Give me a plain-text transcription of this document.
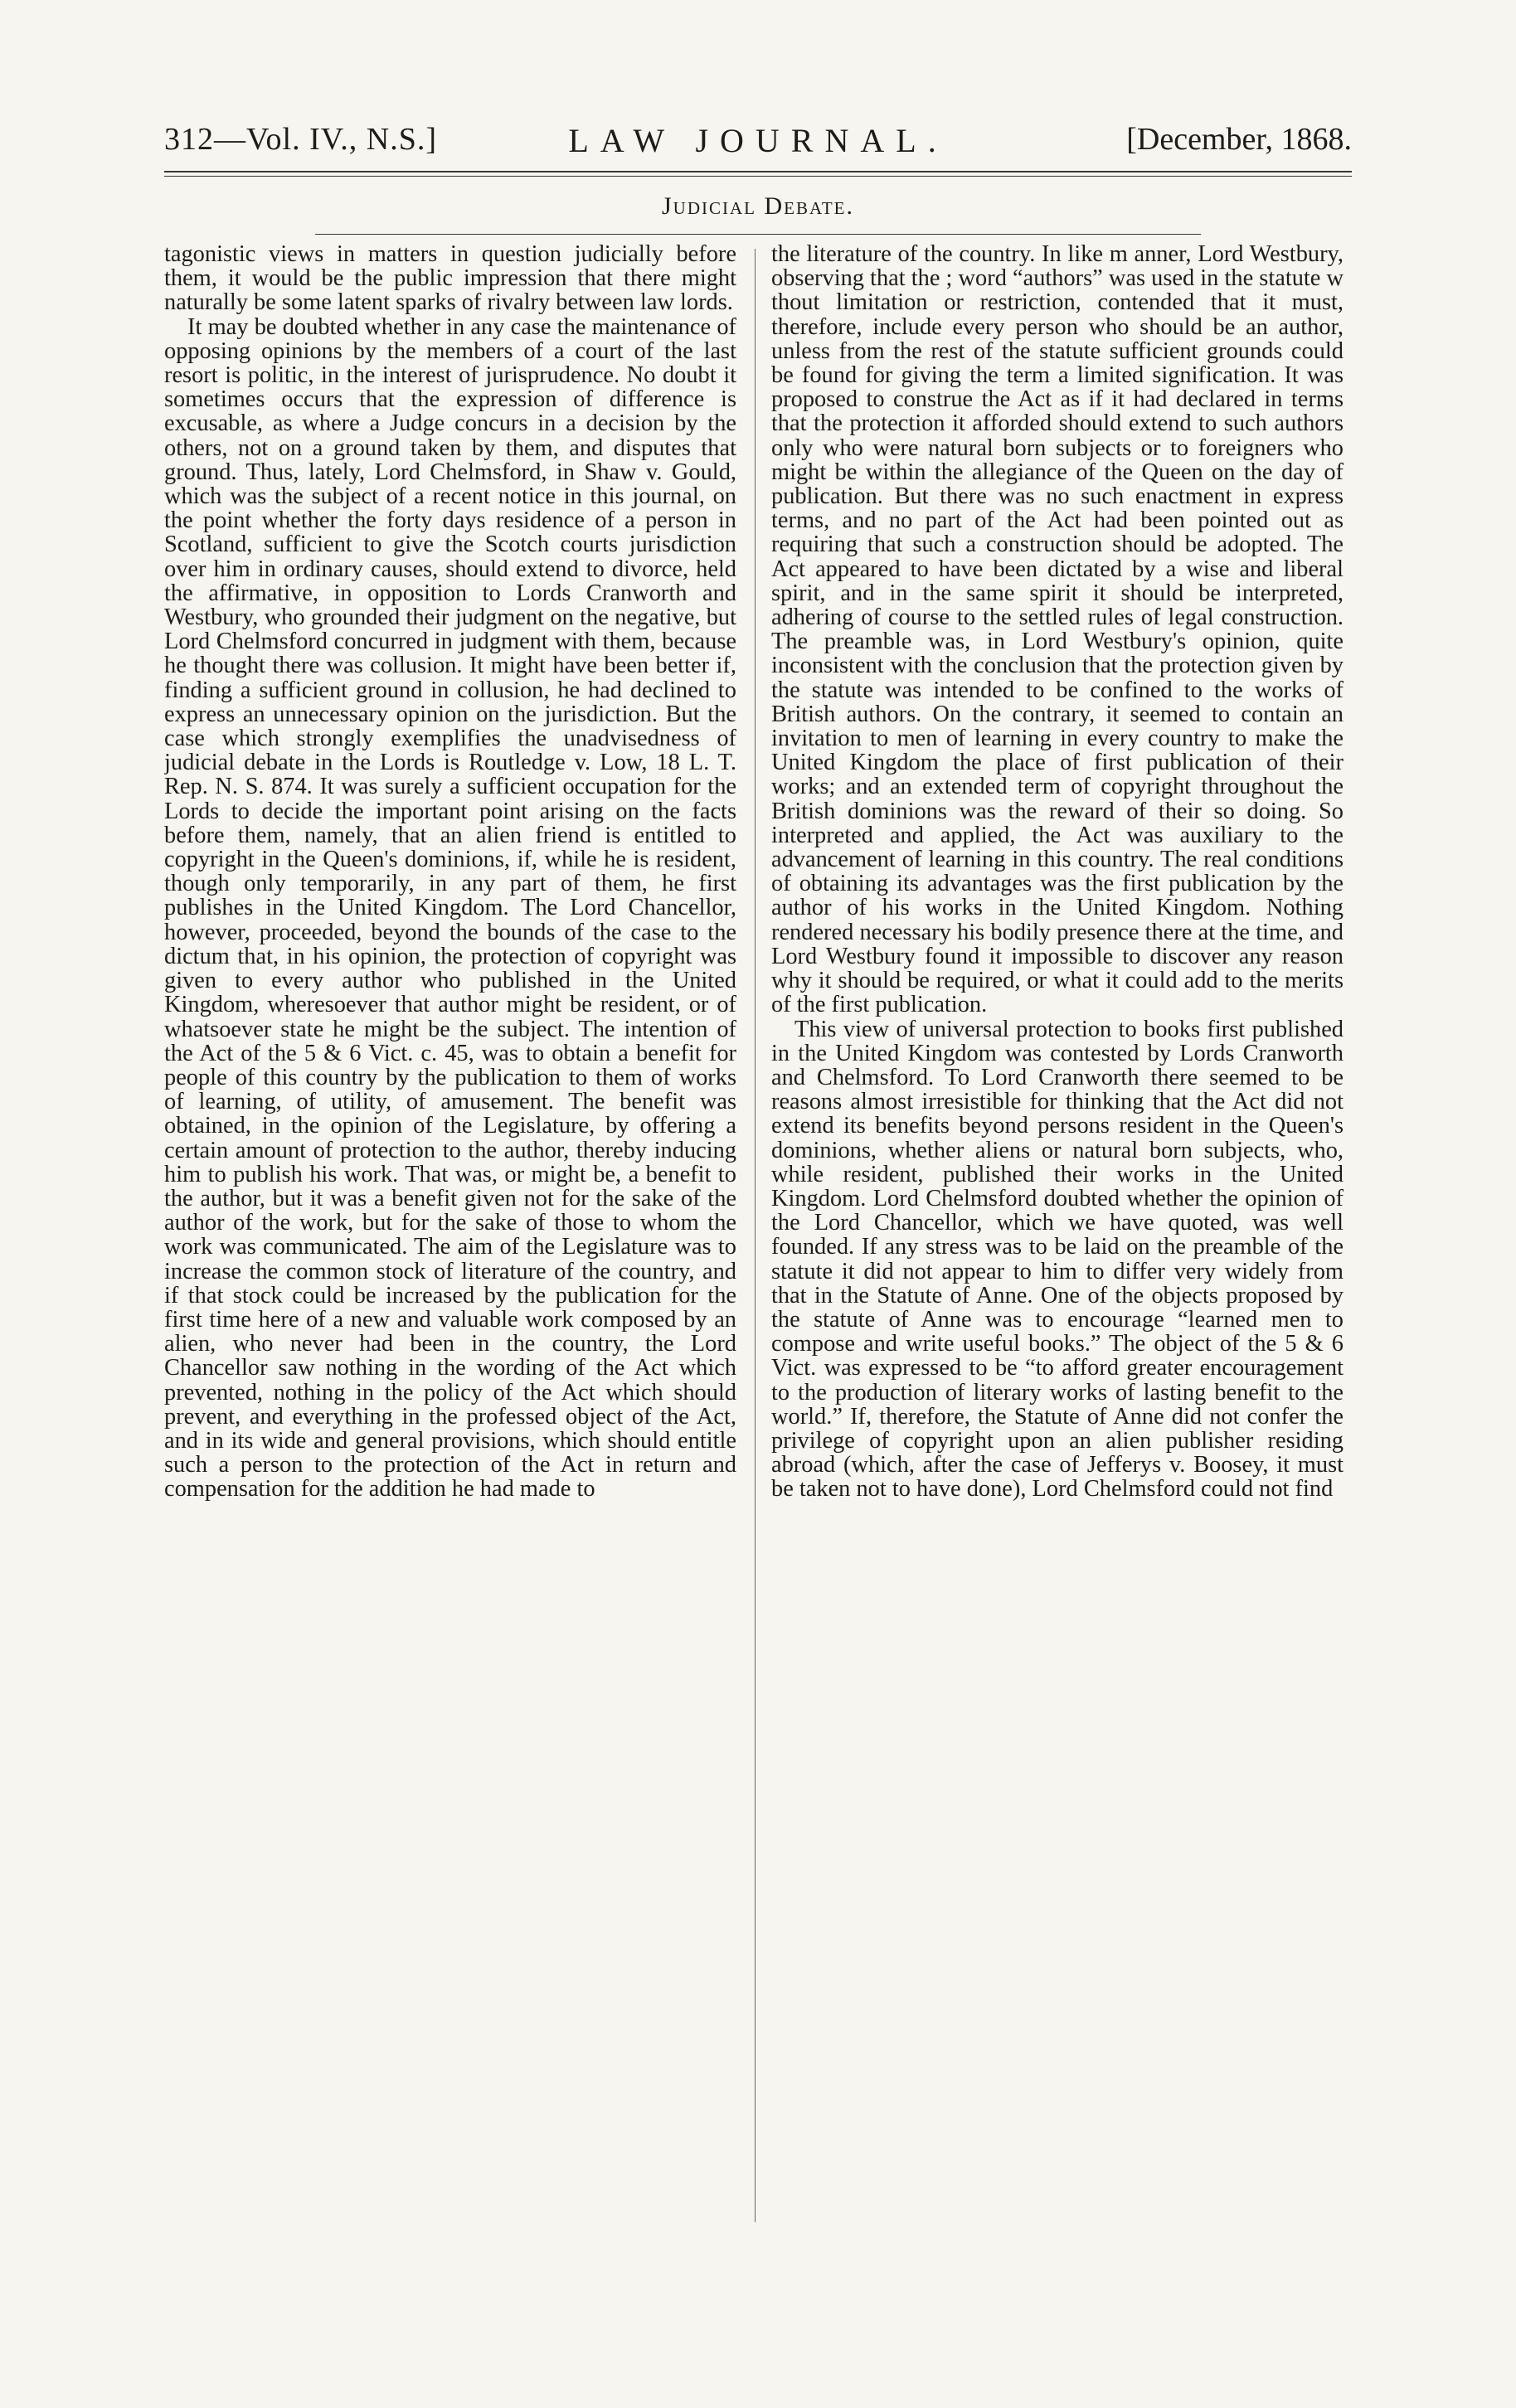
312—Vol. IV., N.S.]	LAW JOURNAL.	[December, 1868.
Judicial Debate.

tagonistic views in matters in question judicially before them, it would be the public impression that there might naturally be some latent sparks of rivalry between law lords.

It may be doubted whether in any case the maintenance of opposing opinions by the members of a court of the last resort is politic, in the interest of jurisprudence. No doubt it sometimes occurs that the expression of difference is excusable, as where a Judge concurs in a decision by the others, not on a ground taken by them, and disputes that ground. Thus, lately, Lord Chelmsford, in Shaw v. Gould, which was the subject of a recent notice in this journal, on the point whether the forty days residence of a person in Scotland, sufficient to give the Scotch courts jurisdiction over him in ordinary causes, should extend to divorce, held the affirmative, in opposition to Lords Cranworth and Westbury, who grounded their judgment on the negative, but Lord Chelmsford concurred in judgment with them, because he thought there was collusion. It might have been better if, finding a sufficient ground in collusion, he had declined to express an unnecessary opinion on the jurisdiction. But the case which strongly exemplifies the unadvisedness of judicial debate in the Lords is Routledge v. Low, 18 L. T. Rep. N. S. 874. It was surely a sufficient occupation for the Lords to decide the important point arising on the facts before them, namely, that an alien friend is entitled to copyright in the Queen's dominions, if, while he is resident, though only temporarily, in any part of them, he first publishes in the United Kingdom. The Lord Chancellor, however, proceeded, beyond the bounds of the case to the dictum that, in his opinion, the protection of copyright was given to every author who published in the United Kingdom, wheresoever that author might be resident, or of whatsoever state he might be the subject. The intention of the Act of the 5 & 6 Vict. c. 45, was to obtain a benefit for people of this country by the publication to them of works of learning, of utility, of amusement. The benefit was obtained, in the opinion of the Legislature, by offering a certain amount of protection to the author, thereby inducing him to publish his work. That was, or might be, a benefit to the author, but it was a benefit given not for the sake of the author of the work, but for the sake of those to whom the work was communicated. The aim of the Legislature was to increase the common stock of literature of the country, and if that stock could be increased by the publication for the first time here of a new and valuable work composed by an alien, who never had been in the country, the Lord Chancellor saw nothing in the wording of the Act which prevented, nothing in the policy of the Act which should prevent, and everything in the professed object of the Act, and in its wide and general provisions, which should entitle such a person to the protection of the Act in return and compensation for the addition he had made to

the literature of the country. In like m anner, Lord Westbury, observing that the ; word “authors” was used in the statute w thout limitation or restriction, contended that it must, therefore, include every person who should be an author, unless from the rest of the statute sufficient grounds could be found for giving the term a limited signification. It was proposed to construe the Act as if it had declared in terms that the protection it afforded should extend to such authors only who were natural born subjects or to foreigners who might be within the allegiance of the Queen on the day of publication. But there was no such enactment in express terms, and no part of the Act had been pointed out as requiring that such a construction should be adopted. The Act appeared to have been dictated by a wise and liberal spirit, and in the same spirit it should be interpreted, adhering of course to the settled rules of legal construction. The preamble was, in Lord Westbury's opinion, quite inconsistent with the conclusion that the protection given by the statute was intended to be confined to the works of British authors. On the contrary, it seemed to contain an invitation to men of learning in every country to make the United Kingdom the place of first publication of their works; and an extended term of copyright throughout the British dominions was the reward of their so doing. So interpreted and applied, the Act was auxiliary to the advancement of learning in this country. The real conditions of obtaining its advantages was the first publication by the author of his works in the United Kingdom. Nothing rendered necessary his bodily presence there at the time, and Lord Westbury found it impossible to discover any reason why it should be required, or what it could add to the merits of the first publication.

This view of universal protection to books first published in the United Kingdom was contested by Lords Cranworth and Chelmsford. To Lord Cranworth there seemed to be reasons almost irresistible for thinking that the Act did not extend its benefits beyond persons resident in the Queen's dominions, whether aliens or natural born subjects, who, while resident, published their works in the United Kingdom. Lord Chelmsford doubted whether the opinion of the Lord Chancellor, which we have quoted, was well founded. If any stress was to be laid on the preamble of the statute it did not appear to him to differ very widely from that in the Statute of Anne. One of the objects proposed by the statute of Anne was to encourage “learned men to compose and write useful books.” The object of the 5 & 6 Vict. was expressed to be “to afford greater encouragement to the production of literary works of lasting benefit to the world.” If, therefore, the Statute of Anne did not confer the privilege of copyright upon an alien publisher residing abroad (which, after the case of Jefferys v. Boosey, it must be taken not to have done), Lord Chelmsford could not find
